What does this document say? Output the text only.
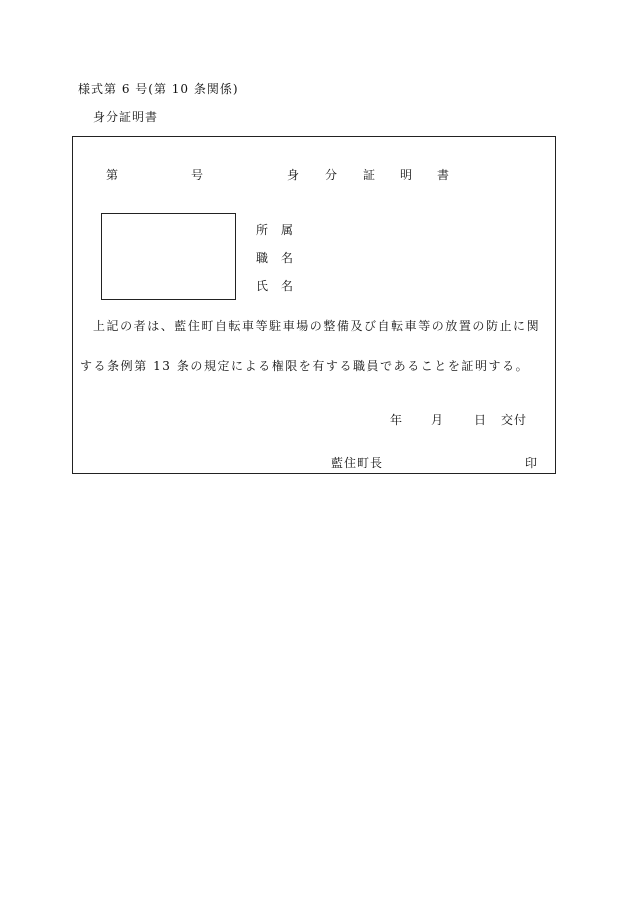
様式第 6 号(第 10 条関係)
身分証明書
第	号	身 分 証 明 書
所 属
職 名
氏 名
上記の者は、藍住町自転車等駐車場の整備及び自転車等の放置の防止に関
する条例第 13 条の規定による権限を有する職員であることを証明する。
年 月	日 交付
藍住町長	印
